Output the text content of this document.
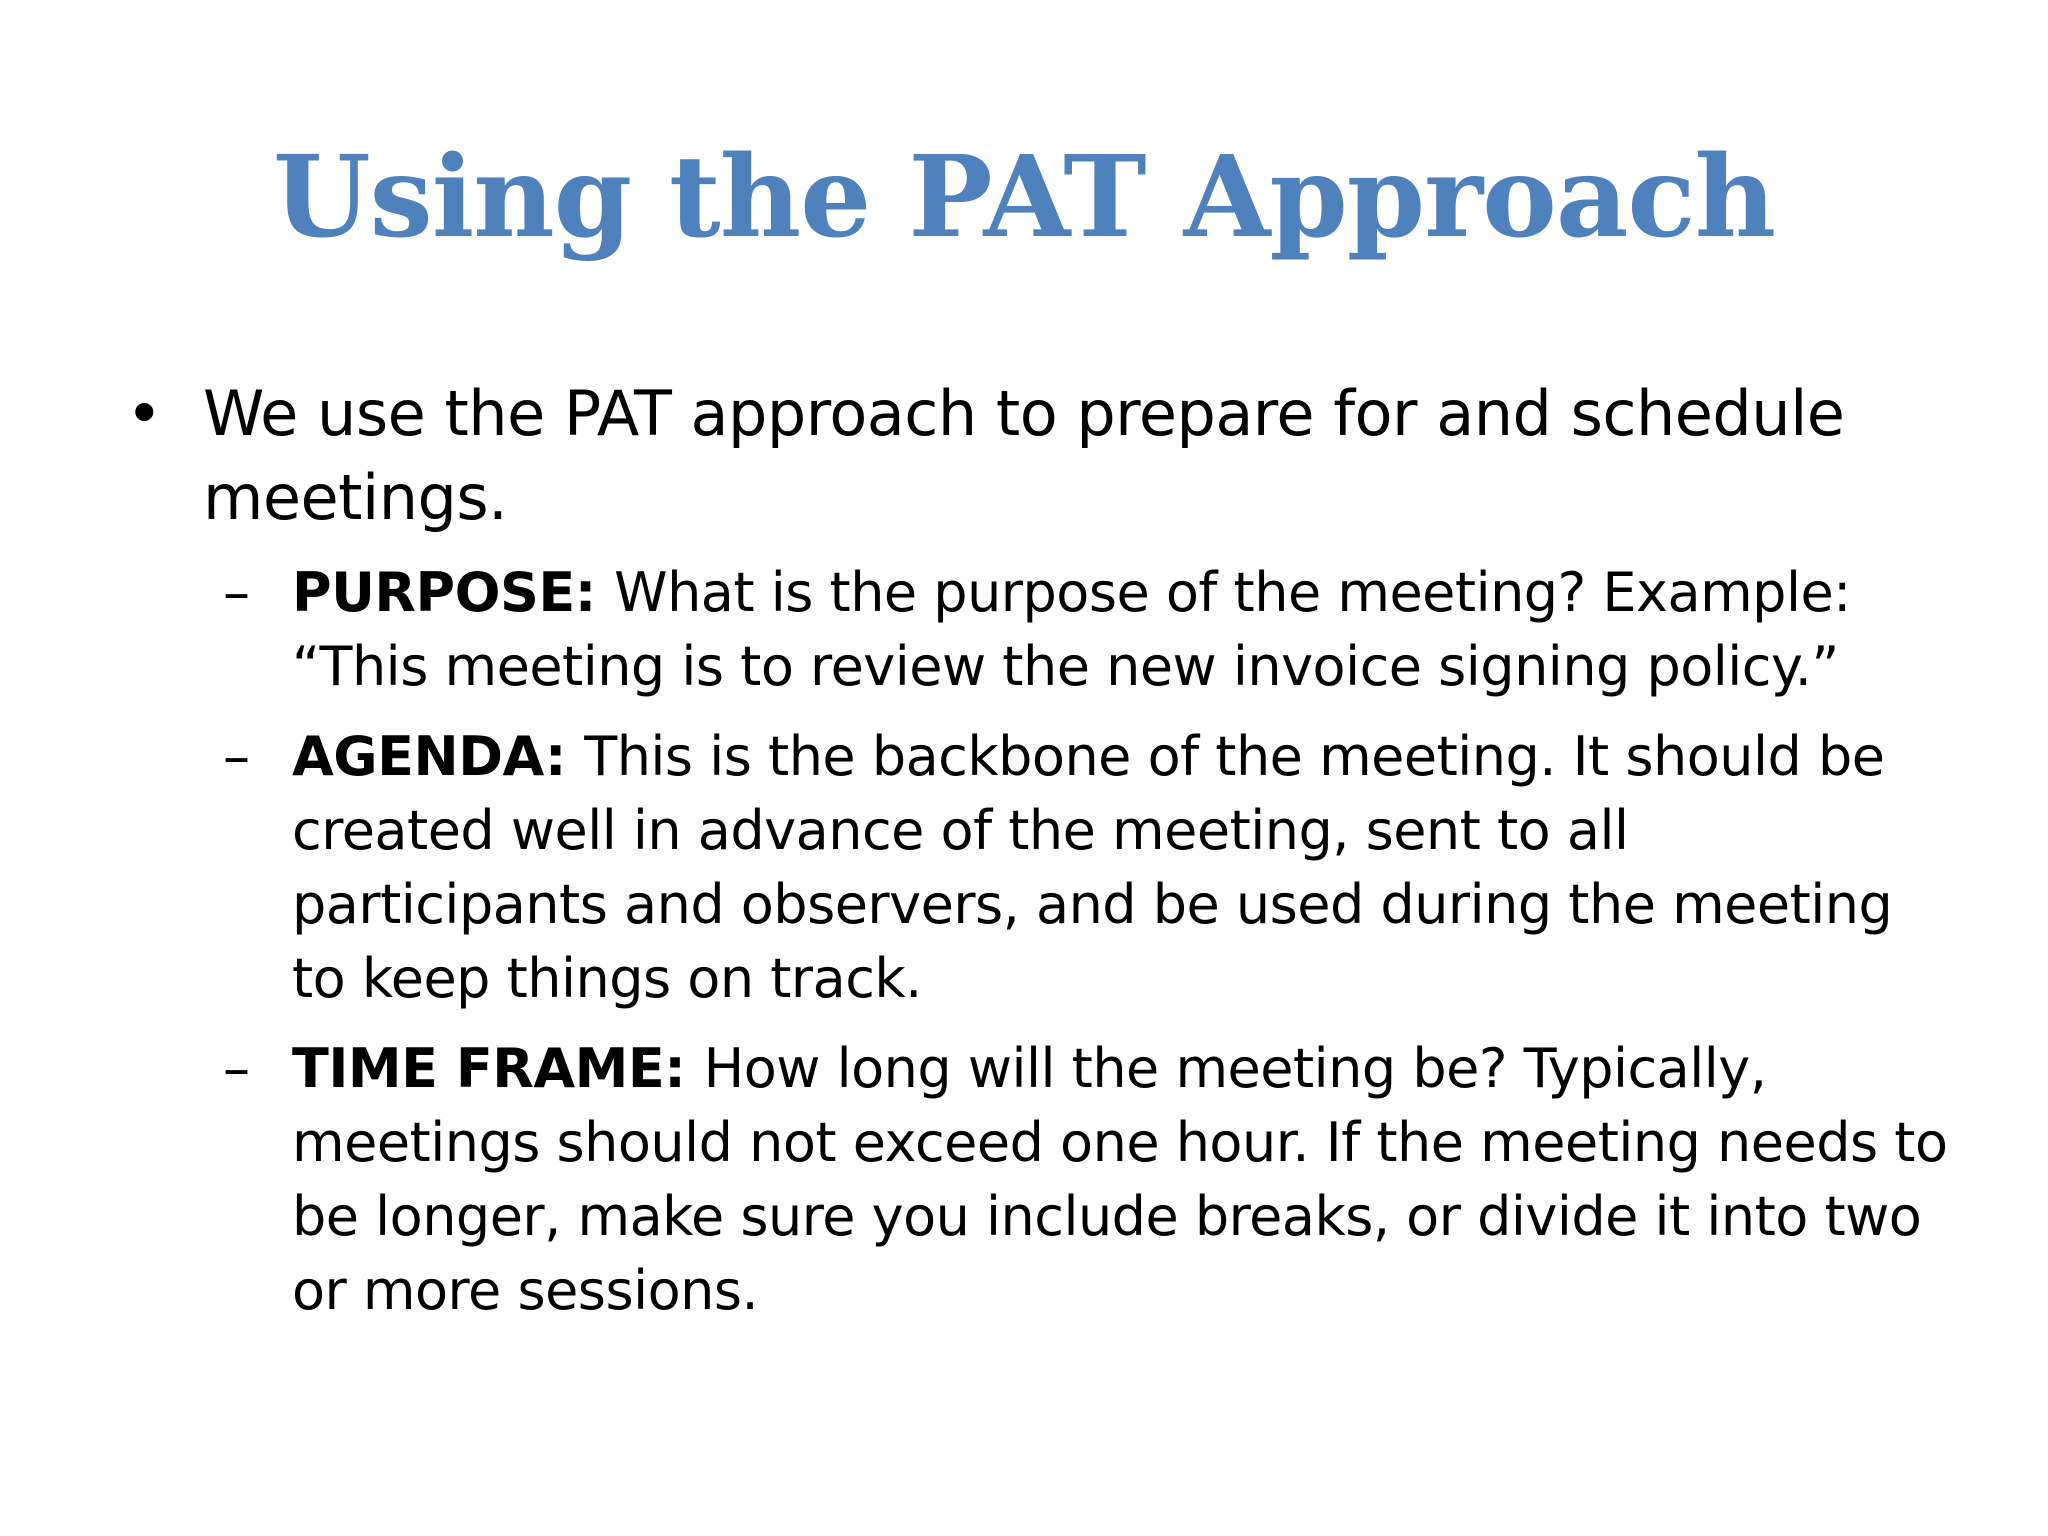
Using the PAT Approach
• We use the PAT approach to prepare for and schedule meetings.
– PURPOSE: What is the purpose of the meeting? Example: “This meeting is to review the new invoice signing policy.”
– AGENDA: This is the backbone of the meeting. It should be created well in advance of the meeting, sent to all participants and observers, and be used during the meeting to keep things on track.
– TIME FRAME: How long will the meeting be? Typically, meetings should not exceed one hour. If the meeting needs to be longer, make sure you include breaks, or divide it into two or more sessions.
